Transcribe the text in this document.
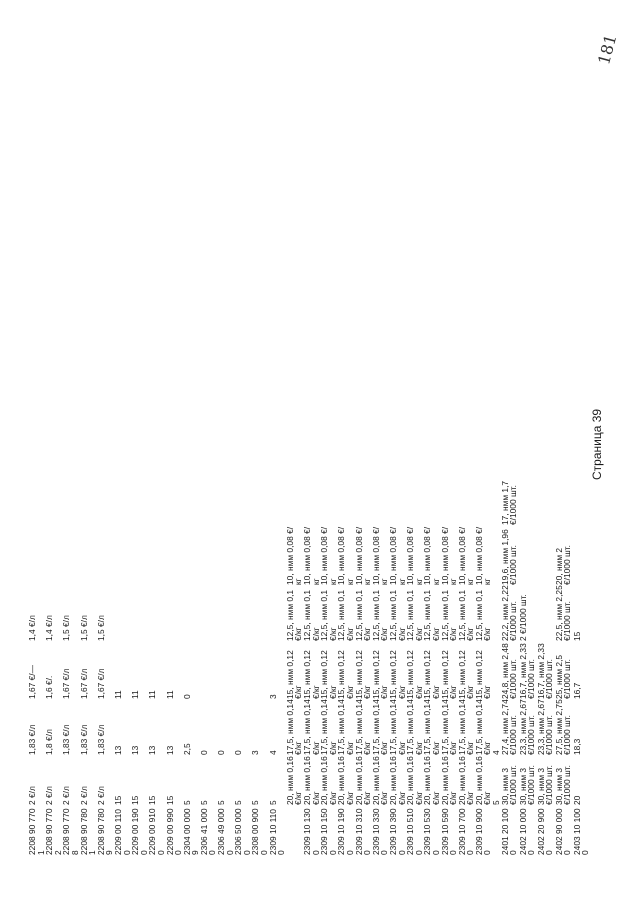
2208 90 770 1
2 €/л
1,83 €/л
1,67 €/—
1,4 €/л
2208 90 770 2
2 €/л
1,8 €/л
1,6 €/.
1,4 €/л
2208 90 770 8
2 €/л
1,83 €/л
1,67 €/л
1,5 €/л
2208 90 780 1
2 €/л
1,83 €/л
1,67 €/л
1,5 €/л
2208 90 780 9
2 €/л
1,83 €/л
1,67 €/л
1,5 €/л
2209 00 110 0
15
13
11
2209 00 190 0
15
13
11
2209 00 910 0
15
13
11
2209 00 990 0
15
13
11
2304 00 000 9
5
2,5
0
2306 41 000 0
5
0
2306 49 000 0
5
0
2306 50 000 0
5
0
2308 00 900 0
5
3
2309 10 110 0
5
4
3
20, нмм 0,16 €/кг
17,5, нмм 0,14 €/кг
15, нмм 0,12 €/кг
12,5, нмм 0,1 €/кг
10, нмм 0,08 €/кг
2309 10 130 0
20, нмм 0,16 €/кг
17,5, нмм 0,14 €/кг
15, нмм 0,12 €/кг
12,5, нмм 0,1 €/кг
10, нмм 0,08 €/кг
2309 10 150 0
20, нмм 0,16 €/кг
17,5, нмм 0,14 €/кг
15, нмм 0,12 €/кг
12,5, нмм 0,1 €/кг
10, нмм 0,08 €/кг
2309 10 190 0
20, нмм 0,16 €/кг
17,5, нмм 0,14 €/кг
15, нмм 0,12 €/кг
12,5, нмм 0,1 €/кг
10, нмм 0,08 €/кг
2309 10 310 0
20, нмм 0,16 €/кг
17,5, нмм 0,14 €/кг
15, нмм 0,12 €/кг
12,5, нмм 0,1 €/кг
10, нмм 0,08 €/кг
2309 10 330 0
20, нмм 0,16 €/кг
17,5, нмм 0,14 €/кг
15, нмм 0,12 €/кг
12,5, нмм 0,1 €/кг
10, нмм 0,08 €/кг
2309 10 390 0
20, нмм 0,16 €/кг
17,5, нмм 0,14 €/кг
15, нмм 0,12 €/кг
12,5, нмм 0,1 €/кг
10, нмм 0,08 €/кг
2309 10 510 0
20, нмм 0,16 €/кг
17,5, нмм 0,14 €/кг
15, нмм 0,12 €/кг
12,5, нмм 0,1 €/кг
10, нмм 0,08 €/кг
2309 10 530 0
20, нмм 0,16 €/кг
17,5, нмм 0,14 €/кг
15, нмм 0,12 €/кг
12,5, нмм 0,1 €/кг
10, нмм 0,08 €/кг
2309 10 590 0
20, нмм 0,16 €/кг
17,5, нмм 0,14 €/кг
15, нмм 0,12 €/кг
12,5, нмм 0,1 €/кг
10, нмм 0,08 €/кг
2309 10 700 0
20, нмм 0,16 €/кг
17,5, нмм 0,14 €/кг
15, нмм 0,12 €/кг
12,5, нмм 0,1 €/кг
10, нмм 0,08 €/кг
2309 10 900 0
20, нмм 0,16 €/кг
17,5, нмм 0,14 €/кг
15, нмм 0,12 €/кг
12,5, нмм 0,1 €/кг
10, нмм 0,08 €/кг
5
4
2401 20 100 0
30, нмм 3 €/1000 шт.
27,4, нмм 2,74 €/1000 шт.
24,8, нмм 2,48 €/1000 шт.
22,2, нмм 2,22 €/1000 шт.
19,6, нмм 1,96 €/1000 шт.
17, нмм 1,7 €/1000 шт.
2402 10 000 0
30, нмм 3 €/1000 шт.
23,3, нмм 2,67 €/1000 шт.
16,7, нмм 2,33 €/1000 шт.
2 €/1000 шт.
2402 20 900 0
30, нмм 3 €/1000 шт.
23,3, нмм 2,67 €/1000 шт.
16,7, нмм 2,33 €/1000 шт.
2402 90 000 0
30, нмм 3 €/1000 шт.
27,5, нмм 2,75 €/1000 шт.
25, нмм 2,5 €/1000 шт.
22,5, нмм 2,25 €/1000 шт.
20, нмм 2 €/1000 шт.
2403 10 100 0
20
18,3
16,7
15
Страница 39
181
